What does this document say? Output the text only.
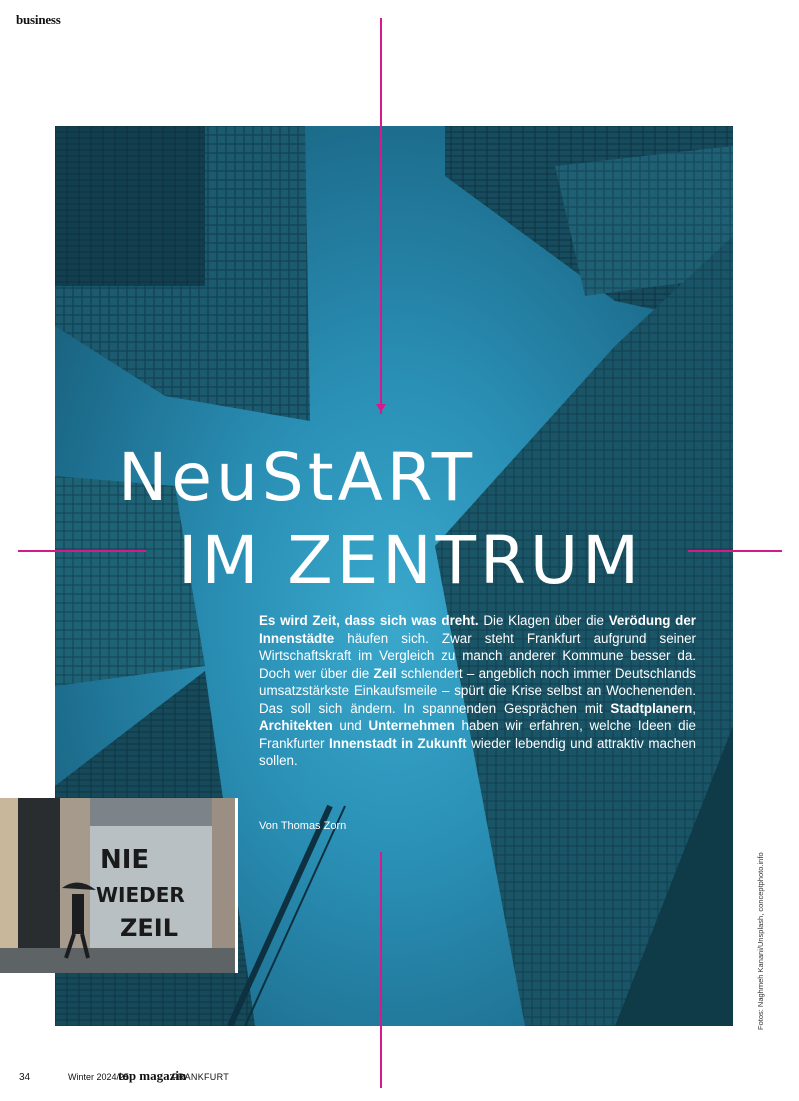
business
NeuStART
IM ZENTRUM
Es wird Zeit, dass sich was dreht. Die Klagen über die Verödung der Innenstädte häufen sich. Zwar steht Frankfurt aufgrund seiner Wirtschaftskraft im Vergleich zu manch anderer Kommune besser da. Doch wer über die Zeil schlendert – angeblich noch immer Deutschlands umsatzstärkste Einkaufsmeile – spürt die Krise selbst an Wochenenden. Das soll sich ändern. In spannenden Gesprächen mit Stadtplanern, Architekten und Unternehmen haben wir erfahren, welche Ideen die Frankfurter Innenstadt in Zukunft wieder lebendig und attraktiv machen sollen.
Von Thomas Zorn
NIE
WIEDER
ZEIL
34	Winter 2024/25
top magazin
FRANKFURT
Fotos: Naghmeh Kanani/Unsplash, conceptphoto.info
